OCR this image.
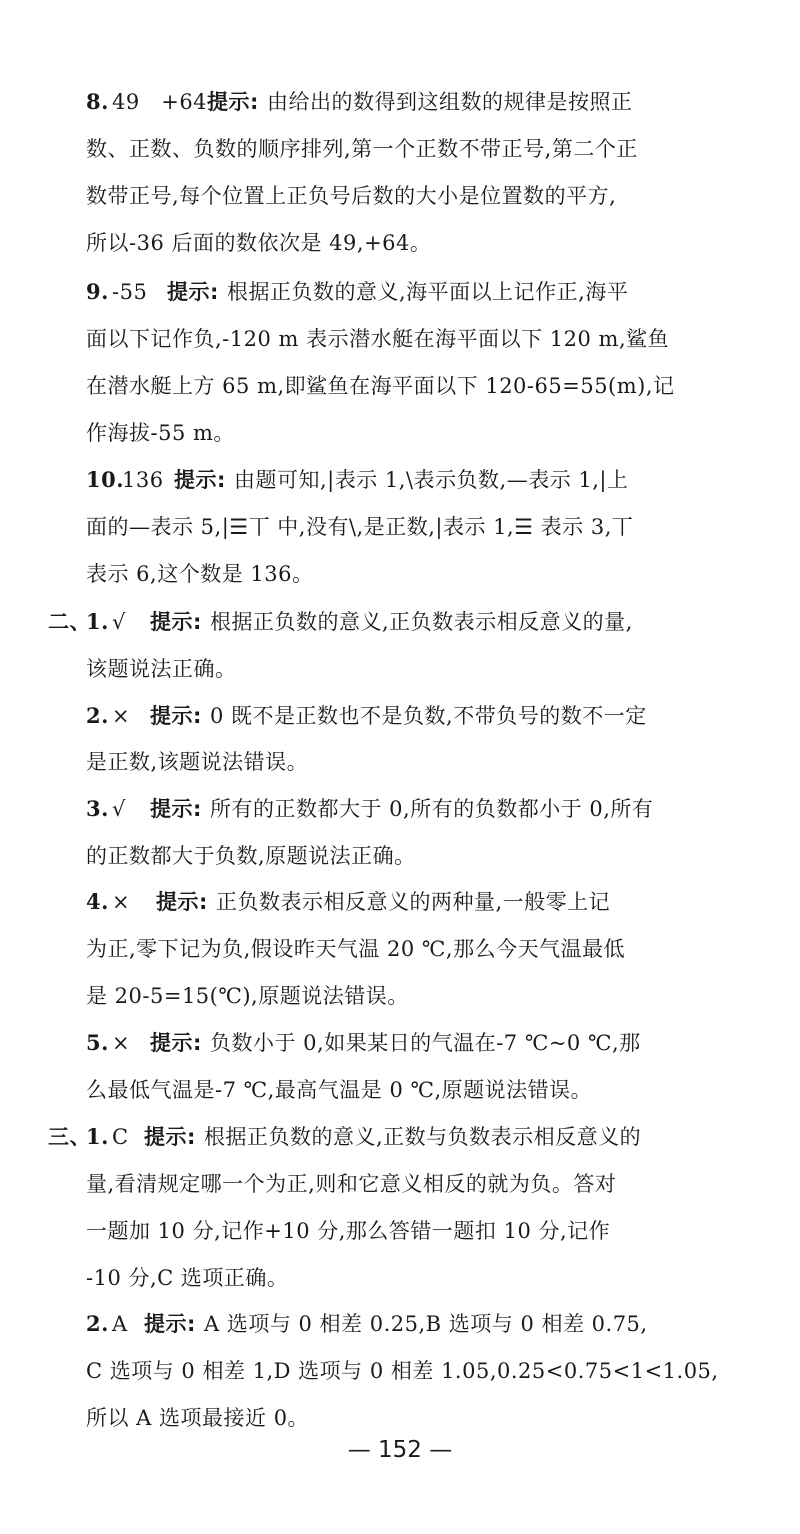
8. 49　+64 提示: 由给出的数得到这组数的规律是按照正
数、正数、负数的顺序排列,第一个正数不带正号,第二个正
数带正号,每个位置上正负号后数的大小是位置数的平方,
所以-36 后面的数依次是 49,+64。
9. -55 提示: 根据正负数的意义,海平面以上记作正,海平
面以下记作负,-120 m 表示潜水艇在海平面以下 120 m,鲨鱼
在潜水艇上方 65 m,即鲨鱼在海平面以下 120-65=55(m),记
作海拔-55 m。
10.
136 提示: 由题可知,|表示 1,\表示负数,—表示 1,|上
面的—表示 5,|☰丅 中,没有\,是正数,|表示 1,☰ 表示 3,丅
表示 6,这个数是 136。
二、
1. √ 提示: 根据正负数的意义,正负数表示相反意义的量,
该题说法正确。
2. × 提示: 0 既不是正数也不是负数,不带负号的数不一定
是正数,该题说法错误。
3. √ 提示: 所有的正数都大于 0,所有的负数都小于 0,所有
的正数都大于负数,原题说法正确。
4. × 提示: 正负数表示相反意义的两种量,一般零上记
为正,零下记为负,假设昨天气温 20 ℃,那么今天气温最低
是 20-5=15(℃),原题说法错误。
5. × 提示: 负数小于 0,如果某日的气温在-7 ℃~0 ℃,那
么最低气温是-7 ℃,最高气温是 0 ℃,原题说法错误。
三、
1. C 提示: 根据正负数的意义,正数与负数表示相反意义的
量,看清规定哪一个为正,则和它意义相反的就为负。答对
一题加 10 分,记作+10 分,那么答错一题扣 10 分,记作
-10 分,C 选项正确。
2. A 提示: A 选项与 0 相差 0.25,B 选项与 0 相差 0.75,
C 选项与 0 相差 1,D 选项与 0 相差 1.05,0.25<0.75<1<1.05,
所以 A 选项最接近 0。
— 152 —
